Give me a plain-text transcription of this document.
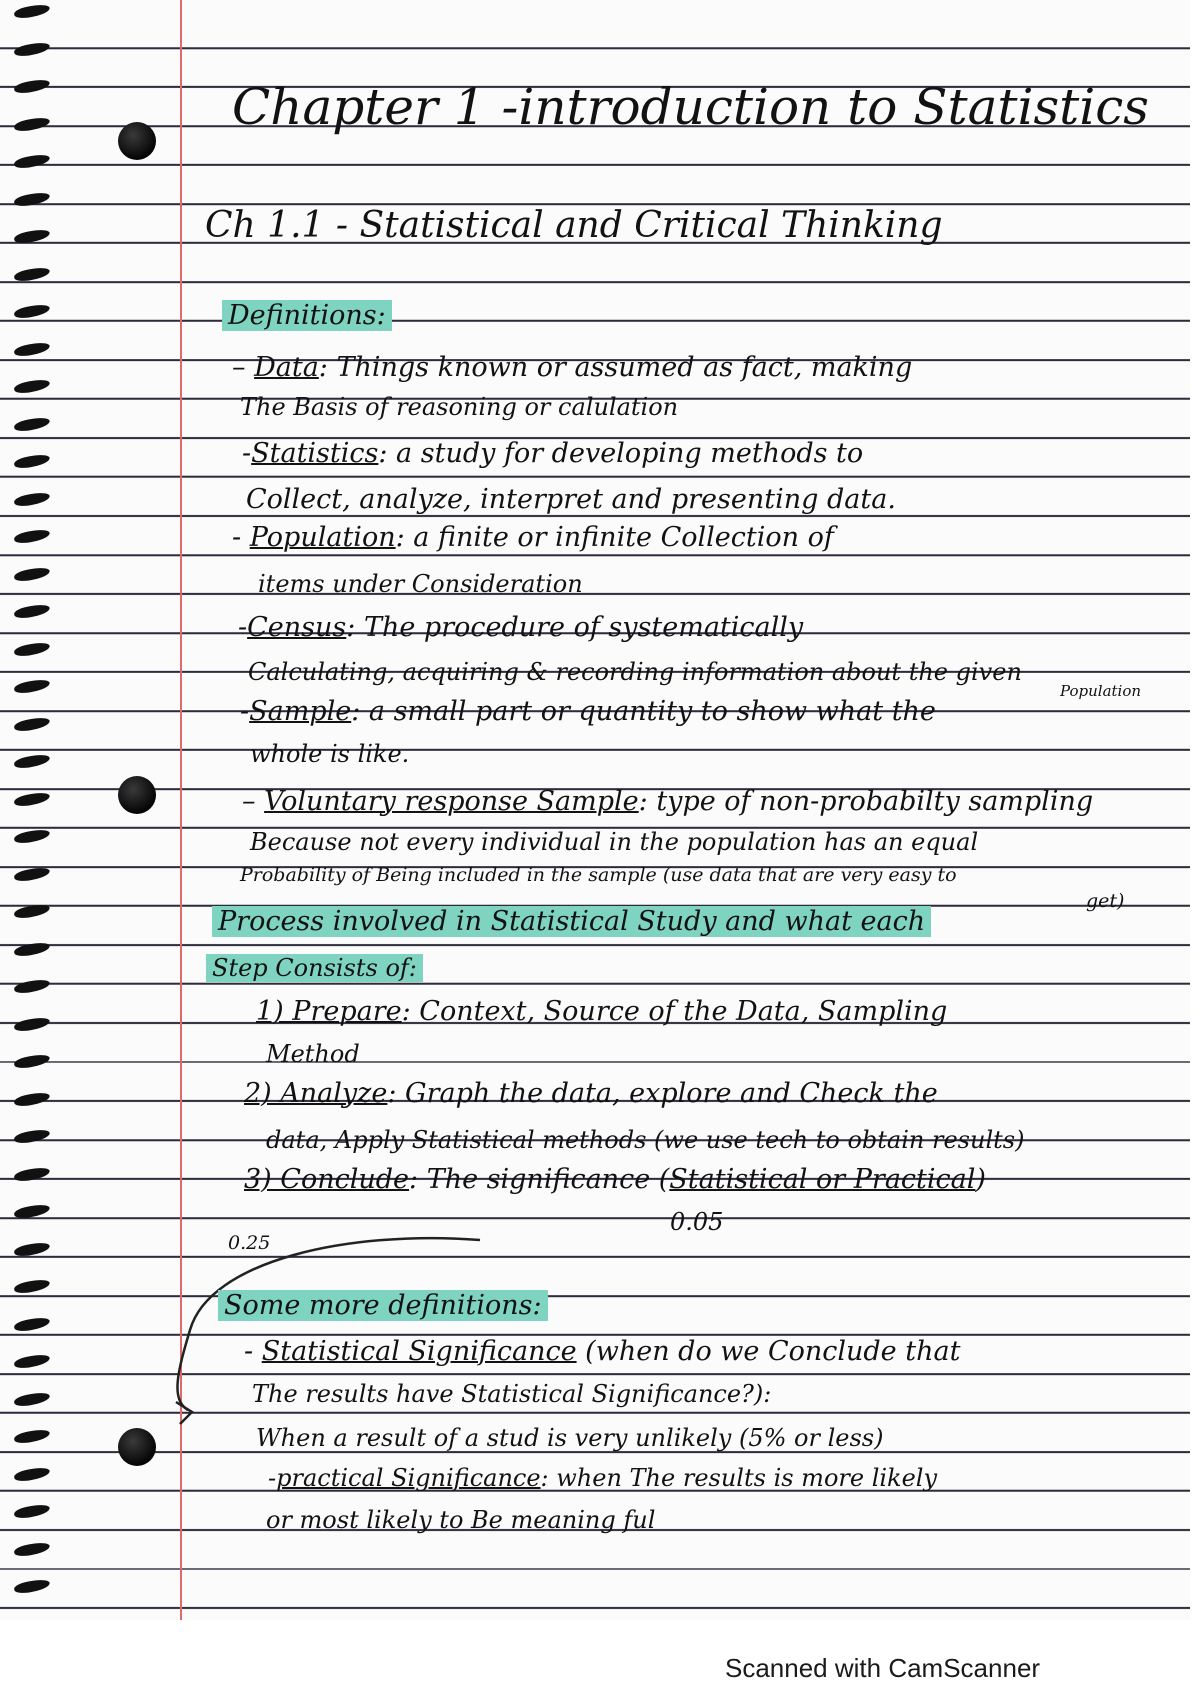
Chapter 1 -introduction to Statistics
Ch 1.1 - Statistical and Critical Thinking
Definitions:
– Data: Things known or assumed as fact, making
The Basis of reasoning or calulation
-Statistics: a study for developing methods to
Collect, analyze, interpret and presenting data.
- Population: a finite or infinite Collection of
items under Consideration
-Census: The procedure of systematically
Calculating, acquiring & recording information about the given
Population
-Sample: a small part or quantity to show what the
whole is like.
– Voluntary response Sample: type of non-probabilty sampling
Because not every individual in the population has an equal
Probability of Being included in the sample (use data that are very easy to
get)
Process involved in Statistical Study and what each
Step Consists of:
1) Prepare: Context, Source of the Data, Sampling
Method
2) Analyze: Graph the data, explore and Check the
data, Apply Statistical methods (we use tech to obtain results)
3) Conclude: The significance (Statistical or Practical)
0.25
0.05
Some more definitions:
- Statistical Significance (when do we Conclude that
The results have Statistical Significance?):
When a result of a stud is very unlikely (5% or less)
-practical Significance: when The results is more likely
or most likely to Be meaning ful
Scanned with CamScanner
